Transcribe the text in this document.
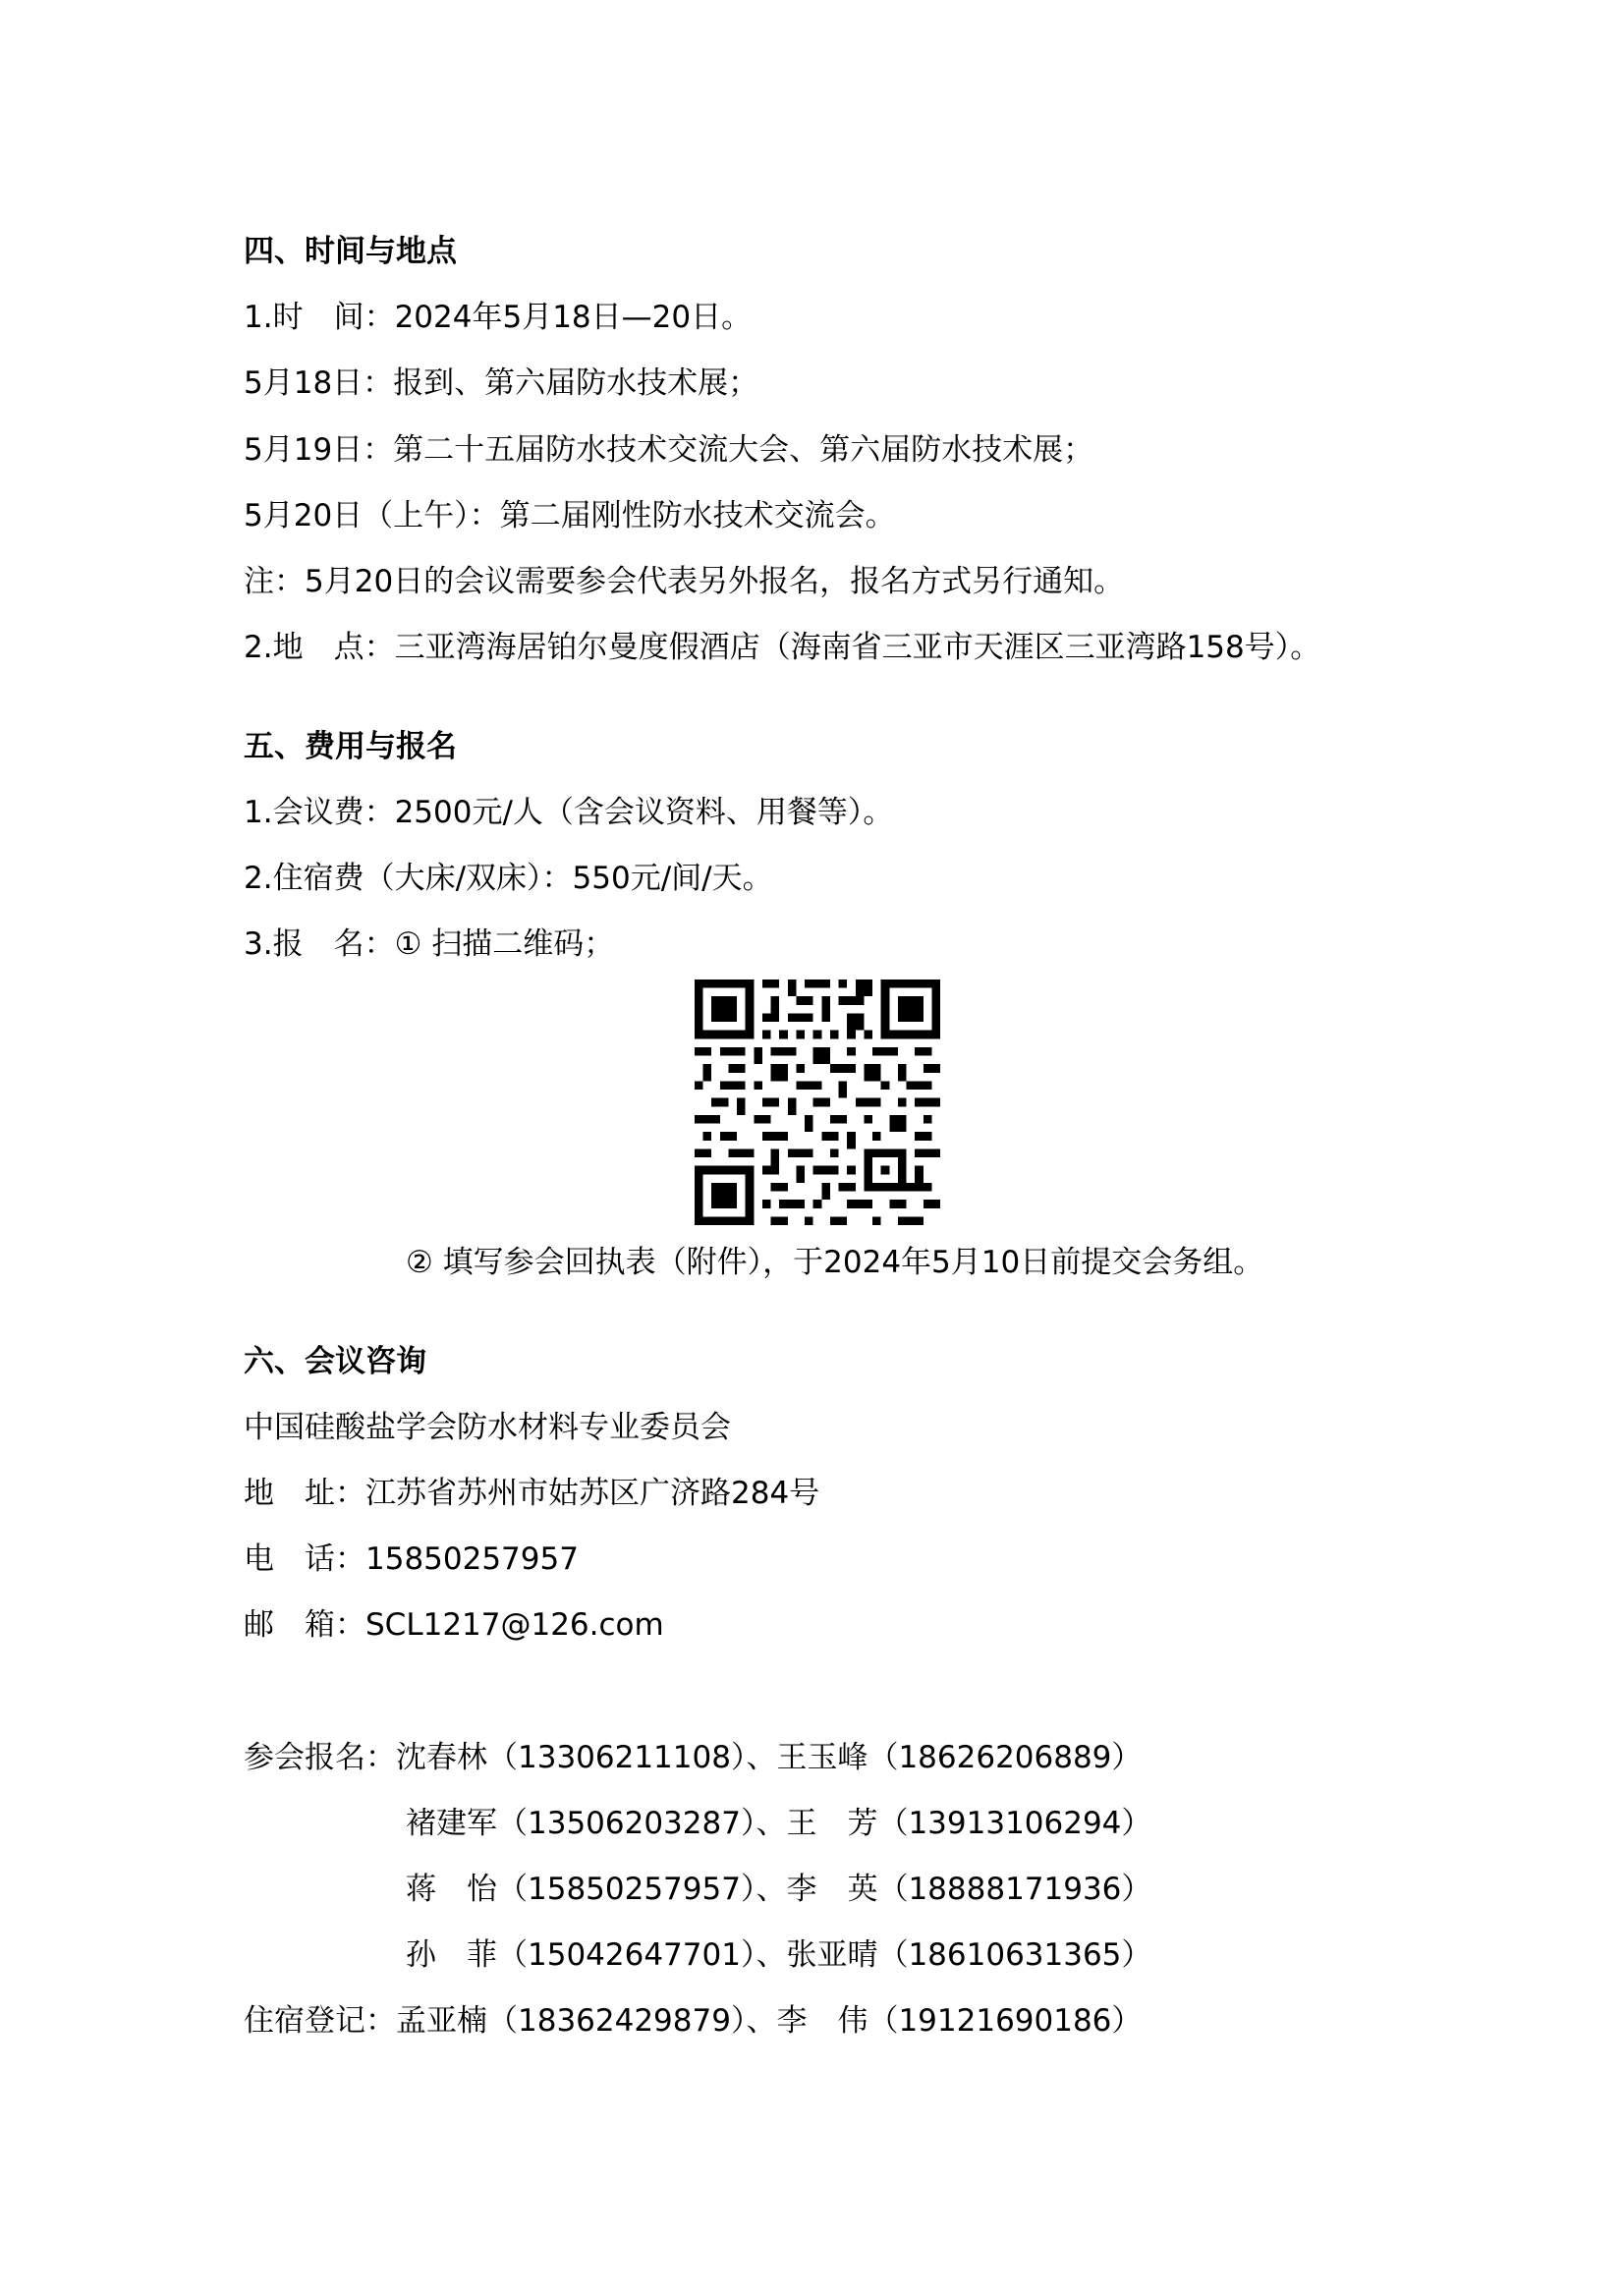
四、时间与地点

1.时　间：2024年5月18日—20日。

5月18日：报到、第六届防水技术展；

5月19日：第二十五届防水技术交流大会、第六届防水技术展；

5月20日（上午）：第二届刚性防水技术交流会。

注：5月20日的会议需要参会代表另外报名，报名方式另行通知。

2.地　点：三亚湾海居铂尔曼度假酒店（海南省三亚市天涯区三亚湾路158号）。

五、费用与报名

1.会议费：2500元/人（含会议资料、用餐等）。

2.住宿费（大床/双床）：550元/间/天。

3.报　名：① 扫描二维码；

② 填写参会回执表（附件），于2024年5月10日前提交会务组。

六、会议咨询

中国硅酸盐学会防水材料专业委员会

地　址：江苏省苏州市姑苏区广济路284号

电　话：15850257957

邮　箱：SCL1217@126.com

参会报名：沈春林（13306211108）、王玉峰（18626206889）

褚建军（13506203287）、王　芳（13913106294）

蒋　怡（15850257957）、李　英（18888171936）

孙　菲（15042647701）、张亚晴（18610631365）

住宿登记：孟亚楠（18362429879）、李　伟（19121690186）
